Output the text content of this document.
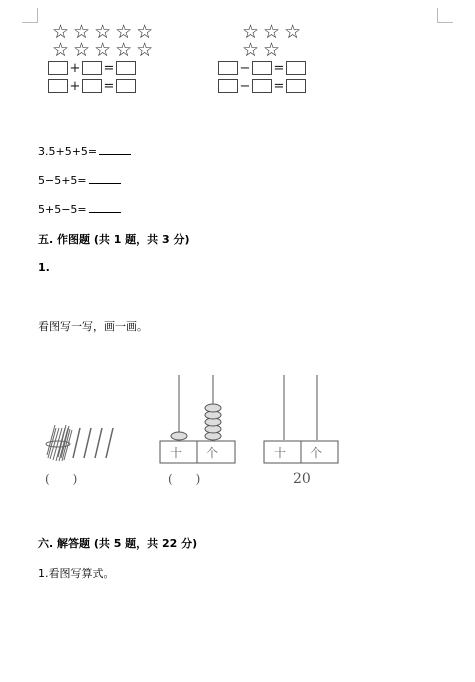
☆☆☆☆☆
☆☆☆☆☆
☆☆☆
☆☆
+ =
+ =
− =
− =
3.5+5+5=
5−5+5=
5+5−5=
五. 作图题 (共 1 题，共 3 分)
1.
看图写一写，画一画。
十 个	十 个
(      )	(      )	20
六. 解答题 (共 5 题，共 22 分)
1.看图写算式。
